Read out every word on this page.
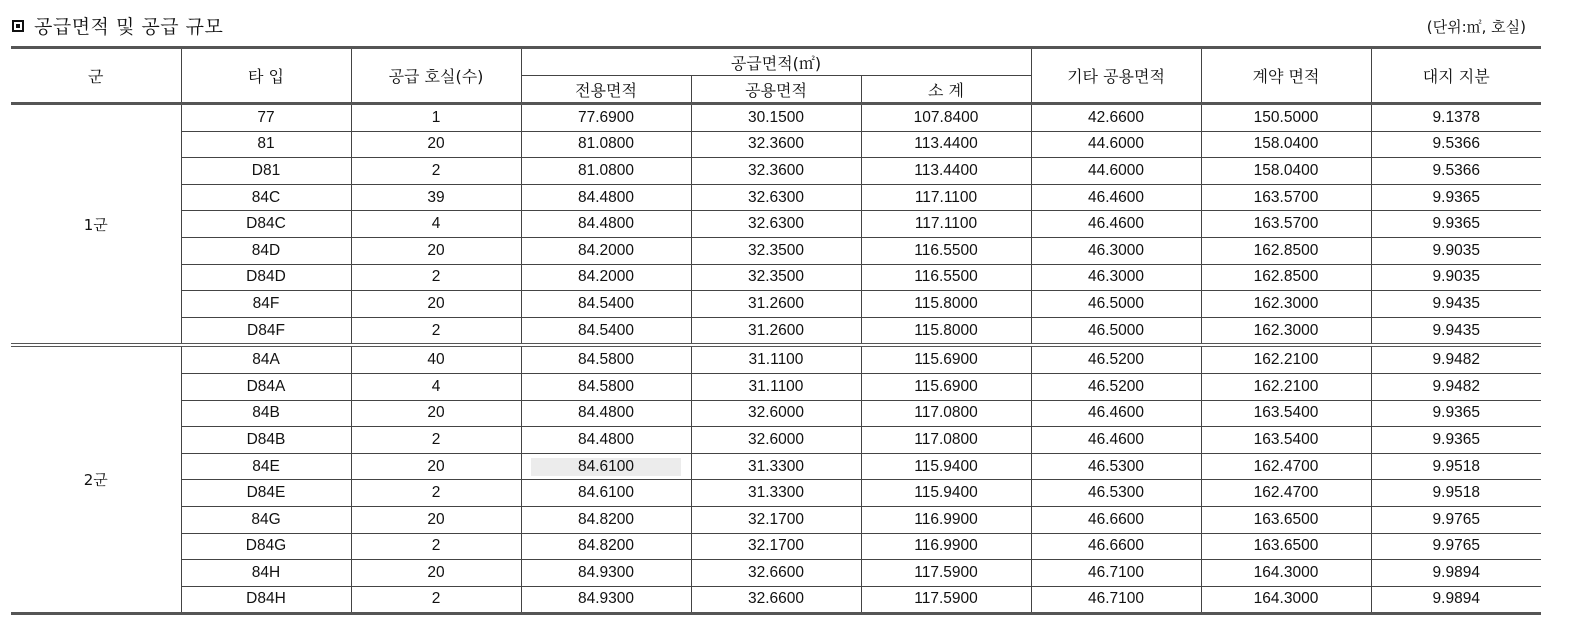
공급면적 및 공급 규모	(단위:㎡, 호실)
군	타 입	공급 호실(수)	공급면적(㎡)			기타 공용면적	계약 면적	대지 지분
			전용면적	공용면적	소 계			
1군	77	1	77.6900	30.1500	107.8400	42.6600	150.5000	9.1378
	81	20	81.0800	32.3600	113.4400	44.6000	158.0400	9.5366
	D81	2	81.0800	32.3600	113.4400	44.6000	158.0400	9.5366
	84C	39	84.4800	32.6300	117.1100	46.4600	163.5700	9.9365
	D84C	4	84.4800	32.6300	117.1100	46.4600	163.5700	9.9365
	84D	20	84.2000	32.3500	116.5500	46.3000	162.8500	9.9035
	D84D	2	84.2000	32.3500	116.5500	46.3000	162.8500	9.9035
	84F	20	84.5400	31.2600	115.8000	46.5000	162.3000	9.9435
	D84F	2	84.5400	31.2600	115.8000	46.5000	162.3000	9.9435
2군	84A	40	84.5800	31.1100	115.6900	46.5200	162.2100	9.9482
	D84A	4	84.5800	31.1100	115.6900	46.5200	162.2100	9.9482
	84B	20	84.4800	32.6000	117.0800	46.4600	163.5400	9.9365
	D84B	2	84.4800	32.6000	117.0800	46.4600	163.5400	9.9365
	84E	20	84.6100	31.3300	115.9400	46.5300	162.4700	9.9518
	D84E	2	84.6100	31.3300	115.9400	46.5300	162.4700	9.9518
	84G	20	84.8200	32.1700	116.9900	46.6600	163.6500	9.9765
	D84G	2	84.8200	32.1700	116.9900	46.6600	163.6500	9.9765
	84H	20	84.9300	32.6600	117.5900	46.7100	164.3000	9.9894
	D84H	2	84.9300	32.6600	117.5900	46.7100	164.3000	9.9894
